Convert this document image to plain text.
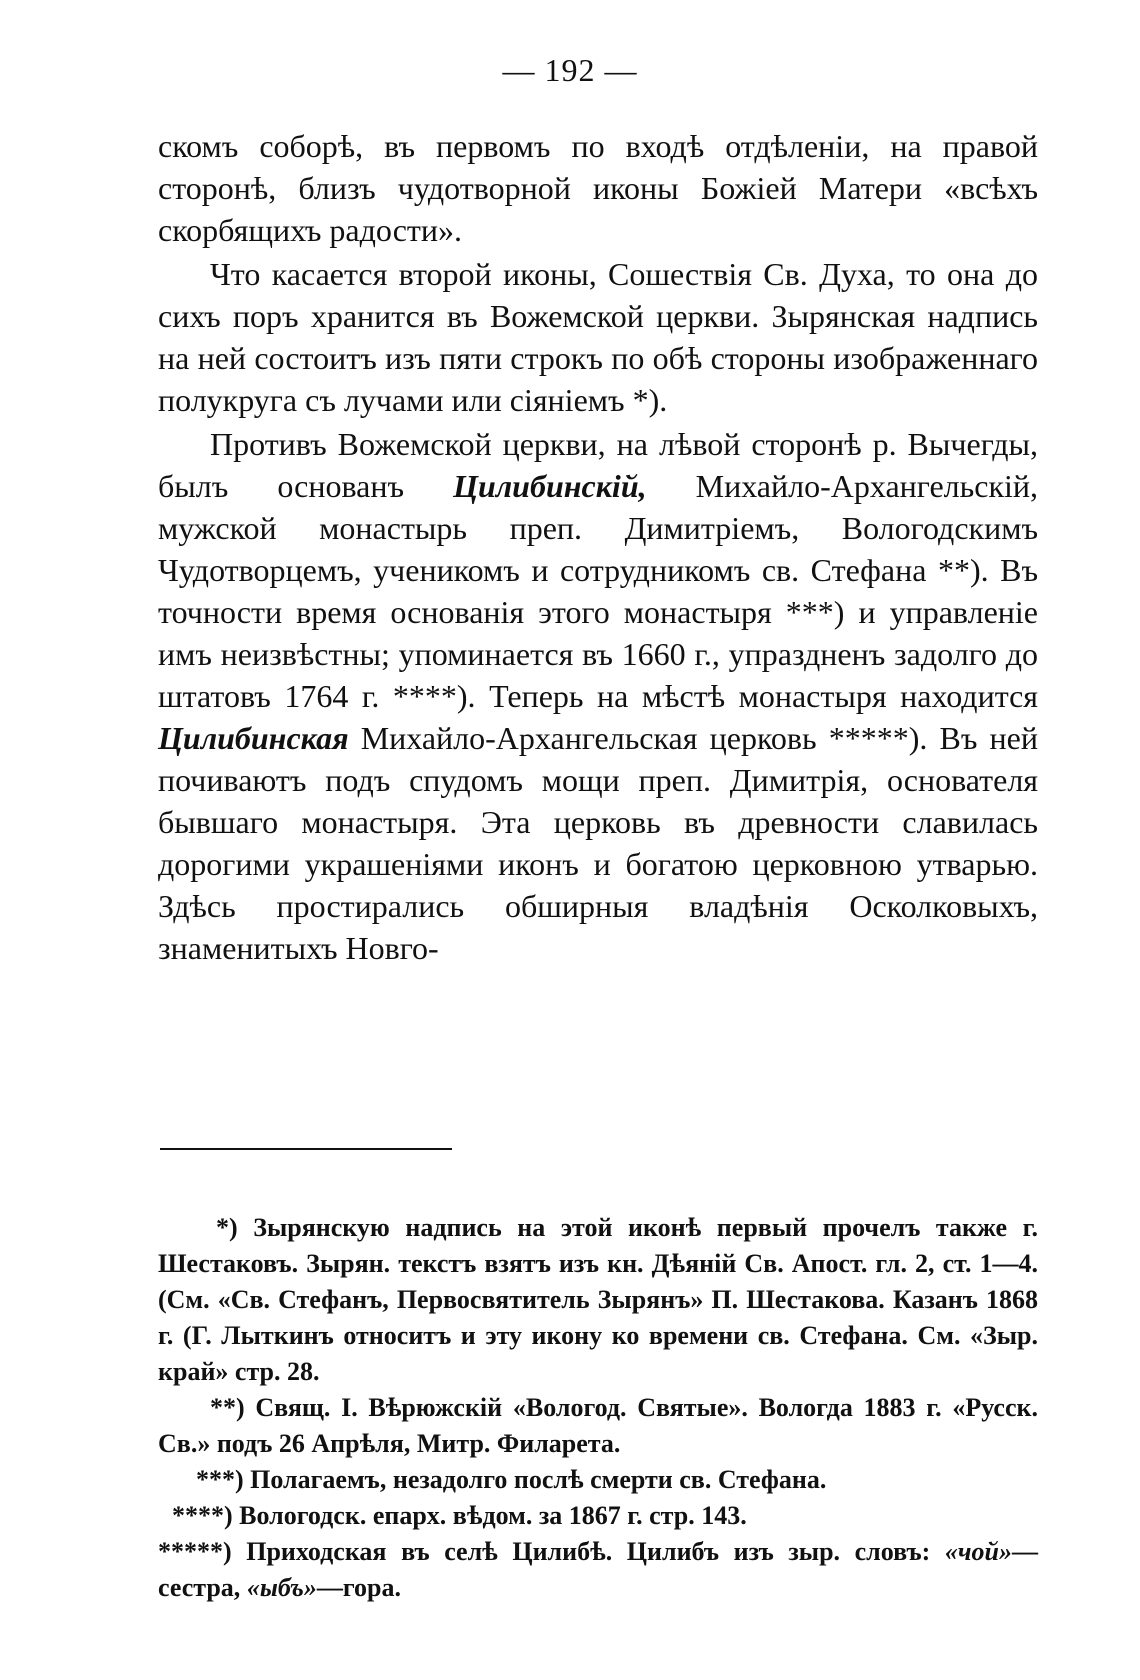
— 192 —

скомъ соборѣ, въ первомъ по входѣ отдѣленіи, на правой сторонѣ, близъ чудотворной иконы Божіей Матери «всѣхъ скорбящихъ радости».

Что касается второй иконы, Сошествія Св. Духа, то она до сихъ поръ хранится въ Вожемской церкви. Зырянская надпись на ней состоитъ изъ пяти строкъ по обѣ стороны изображеннаго полукруга съ лучами или сіяніемъ *).

Противъ Вожемской церкви, на лѣвой сторонѣ р. Вычегды, былъ основанъ Цилибинскій, Михайло-Архангельскій, мужской монастырь преп. Димитріемъ, Вологодскимъ Чудотворцемъ, ученикомъ и сотрудникомъ св. Стефана **). Въ точности время основанія этого монастыря ***) и управленіе имъ неизвѣстны; упоминается въ 1660 г., упраздненъ задолго до штатовъ 1764 г. ****). Теперь на мѣстѣ монастыря находится Цилибинская Михайло-Архангельская церковь *****). Въ ней почиваютъ подъ спудомъ мощи преп. Димитрія, основателя бывшаго монастыря. Эта церковь въ древности славилась дорогими украшеніями иконъ и богатою церковною утварью. Здѣсь простирались обширныя владѣнія Осколковыхъ, знаменитыхъ Новго-

*) Зырянскую надпись на этой иконѣ первый прочелъ также г. Шестаковъ. Зырян. текстъ взятъ изъ кн. Дѣяній Св. Апост. гл. 2, ст. 1—4. (См. «Св. Стефанъ, Первосвятитель Зырянъ» П. Шестакова. Казанъ 1868 г. (Г. Лыткинъ относитъ и эту икону ко времени св. Стефана. См. «Зыр. край» стр. 28.

**) Свящ. І. Вѣрюжскій «Вологод. Святые». Вологда 1883 г. «Русск. Св.» подъ 26 Апрѣля, Митр. Филарета.

***) Полагаемъ, незадолго послѣ смерти св. Стефана.

****) Вологодск. епарх. вѣдом. за 1867 г. стр. 143.

*****) Приходская въ селѣ Цилибѣ. Цилибъ изъ зыр. словъ: «чой»— сестра, «ыбъ»—гора.
